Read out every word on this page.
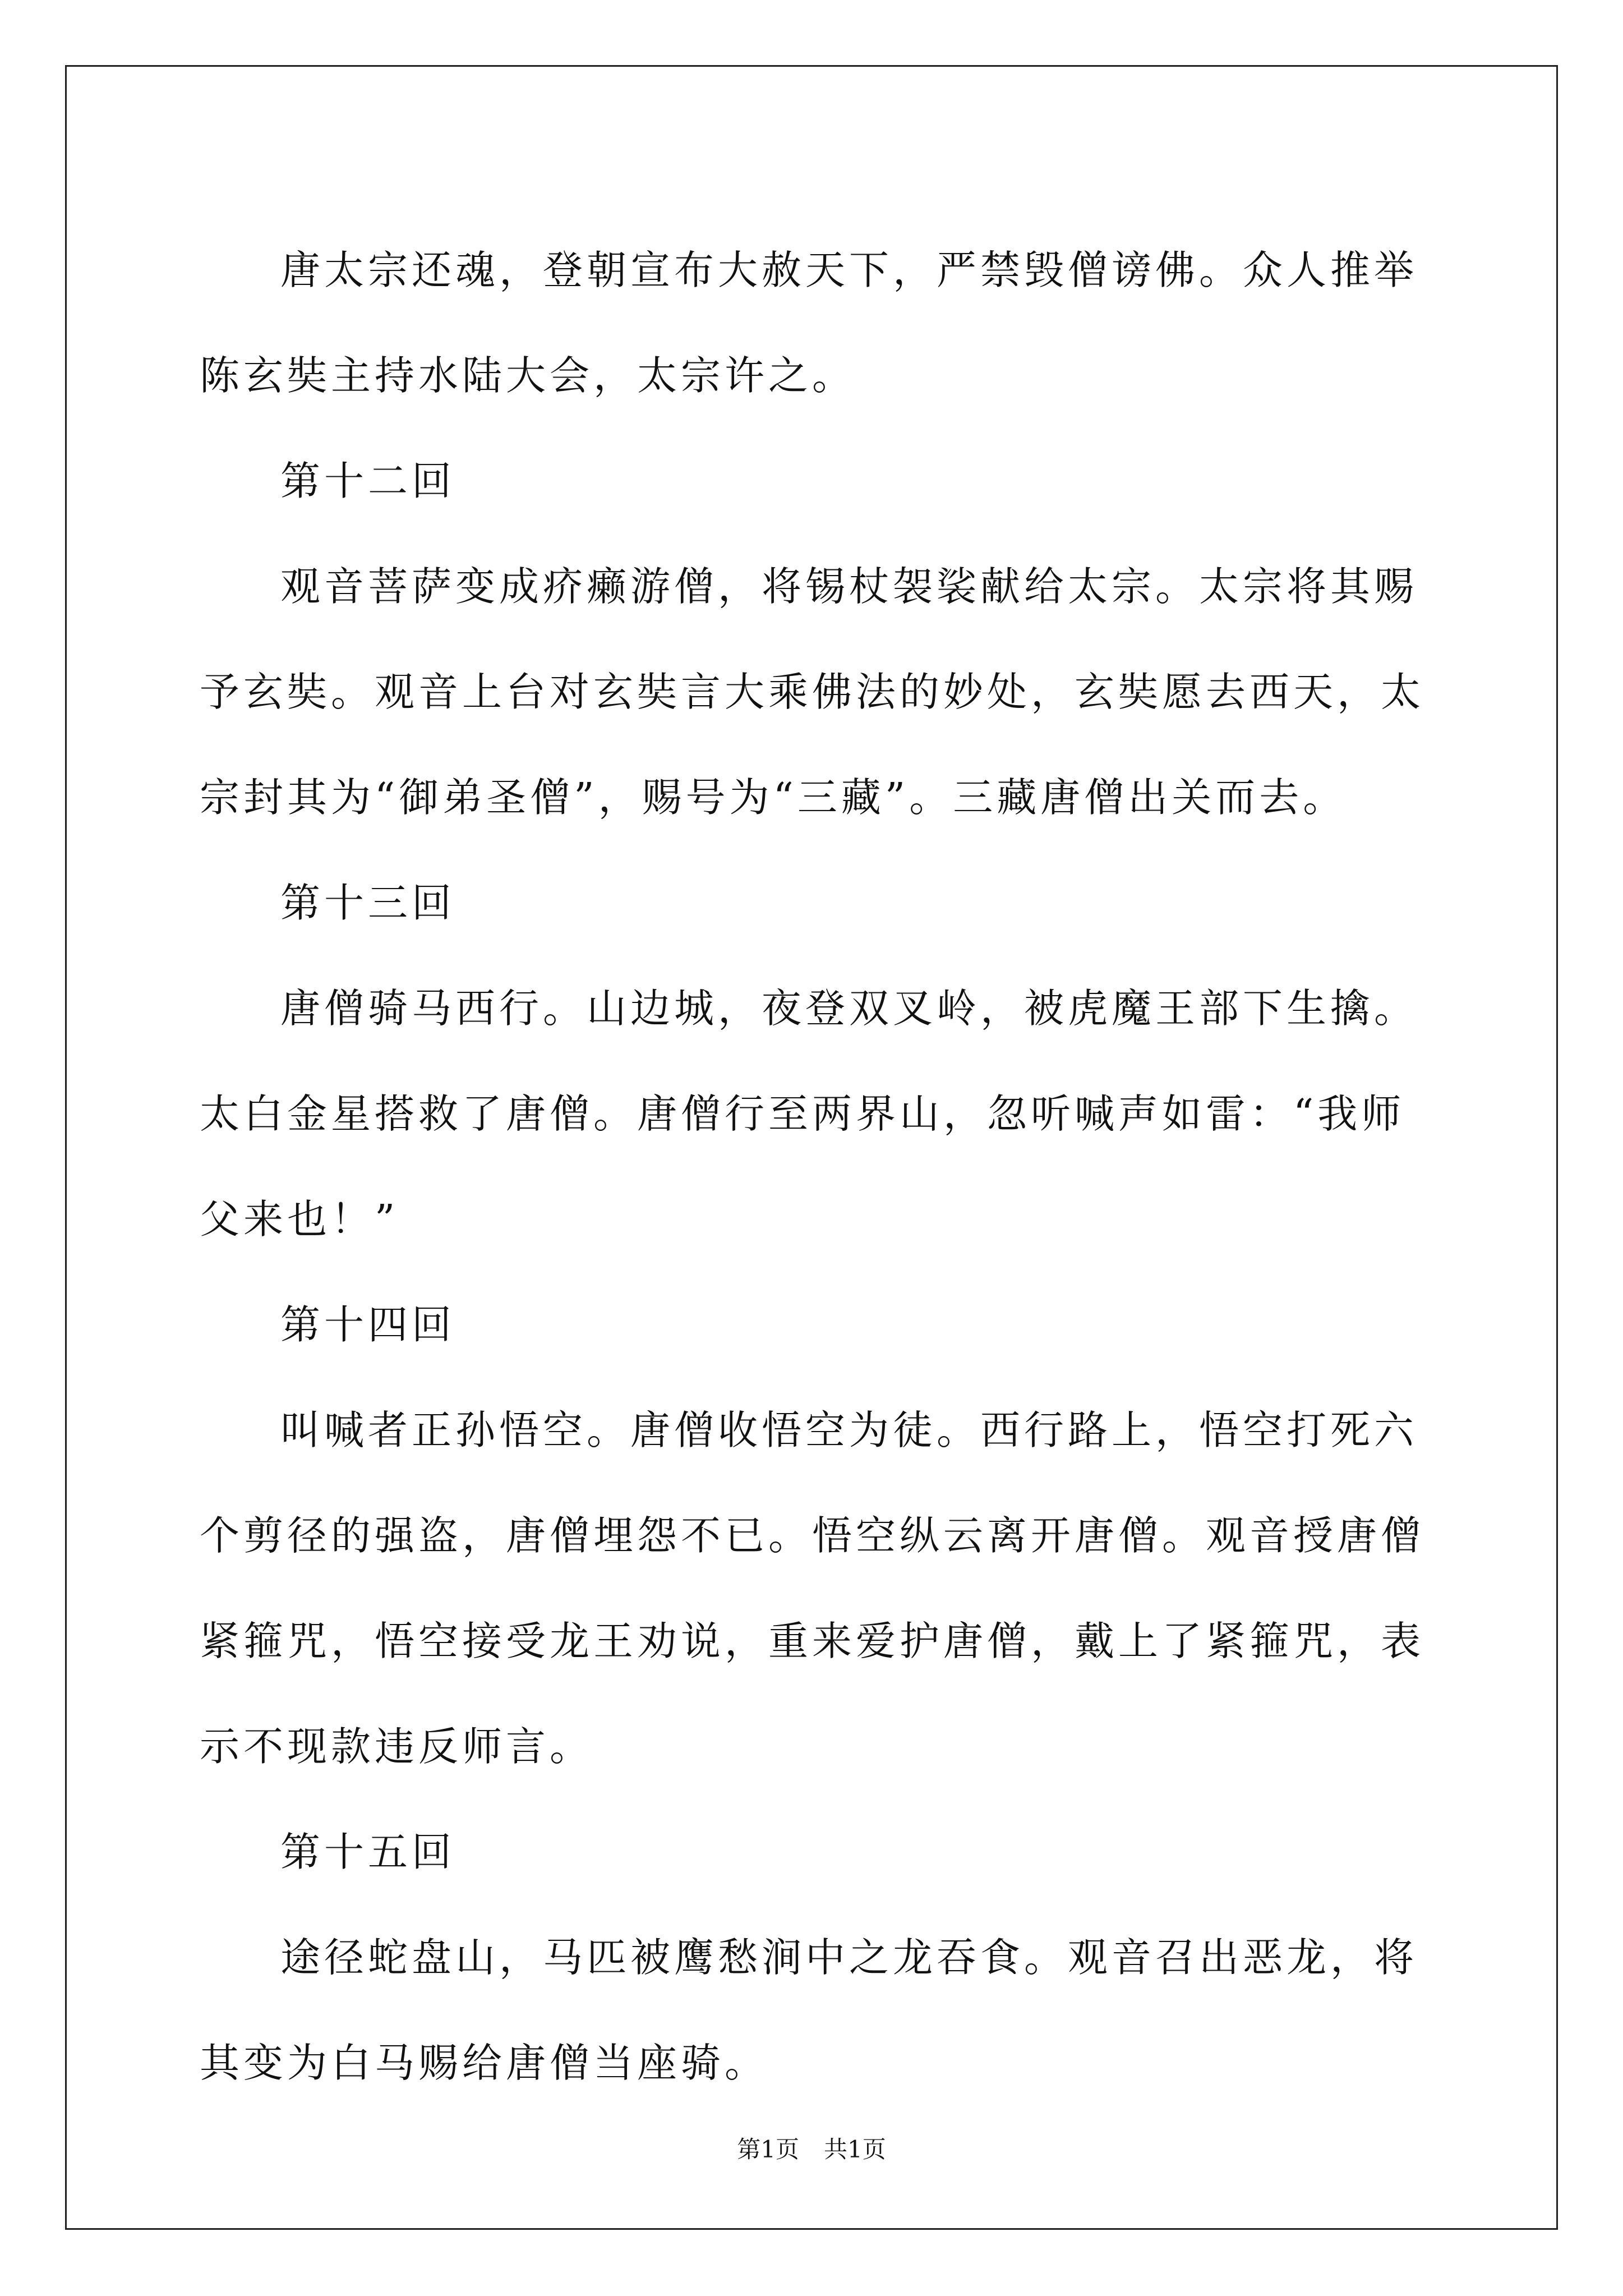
唐太宗还魂，登朝宣布大赦天下，严禁毁僧谤佛。众人推举陈玄奘主持水陆大会，太宗许之。

第十二回

观音菩萨变成疥癞游僧，将锡杖袈裟献给太宗。太宗将其赐予玄奘。观音上台对玄奘言大乘佛法的妙处，玄奘愿去西天，太宗封其为“御弟圣僧”，赐号为“三藏”。三藏唐僧出关而去。

第十三回

唐僧骑马西行。山边城，夜登双叉岭，被虎魔王部下生擒。太白金星搭救了唐僧。唐僧行至两界山，忽听喊声如雷：“我师父来也！”

第十四回

叫喊者正孙悟空。唐僧收悟空为徒。西行路上，悟空打死六个剪径的强盗，唐僧埋怨不已。悟空纵云离开唐僧。观音授唐僧紧箍咒，悟空接受龙王劝说，重来爱护唐僧，戴上了紧箍咒，表示不现款违反师言。

第十五回

途径蛇盘山，马匹被鹰愁涧中之龙吞食。观音召出恶龙，将其变为白马赐给唐僧当座骑。

第1页 共1页
